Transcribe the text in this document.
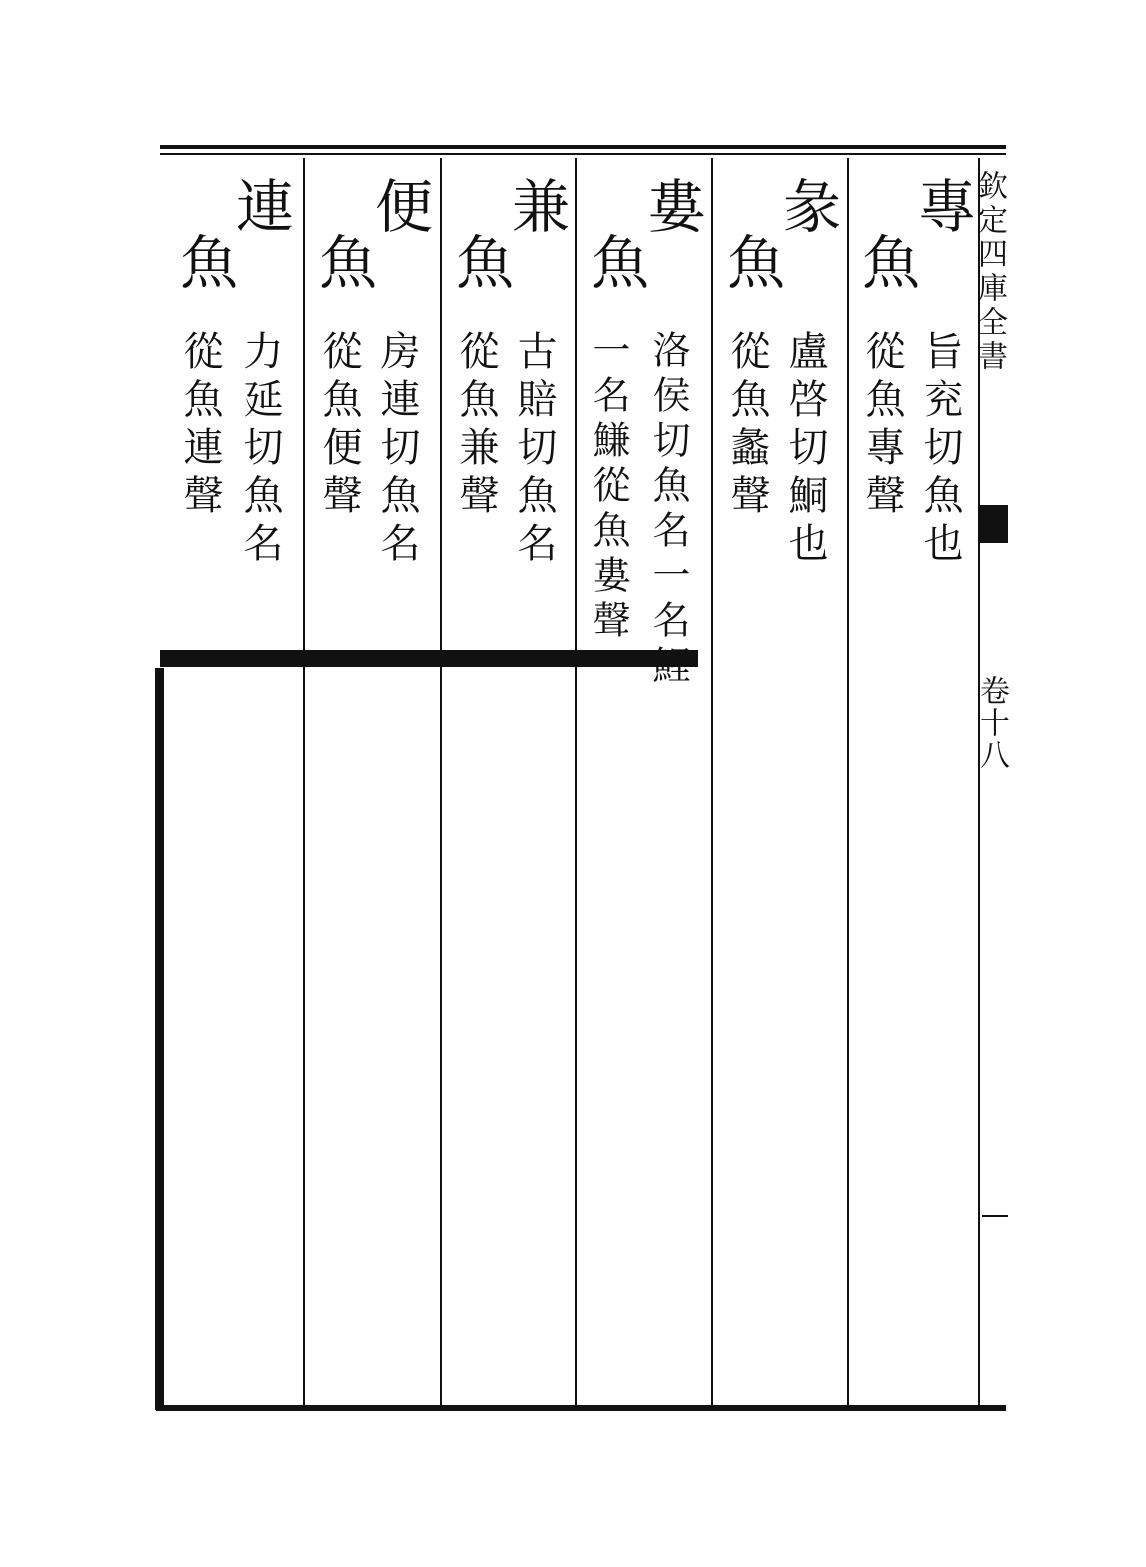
魚
專
旨兖切魚也
從魚專聲
魚
彖
盧啓切鮦也
從魚蠡聲
魚
婁
洛侯切魚名一名鯉
一名鰜從魚婁聲
魚
兼
古賠切魚名
從魚兼聲
魚
便
房連切魚名
從魚便聲
魚
連
力延切魚名
從魚連聲
欽定四庫全書
卷十八
